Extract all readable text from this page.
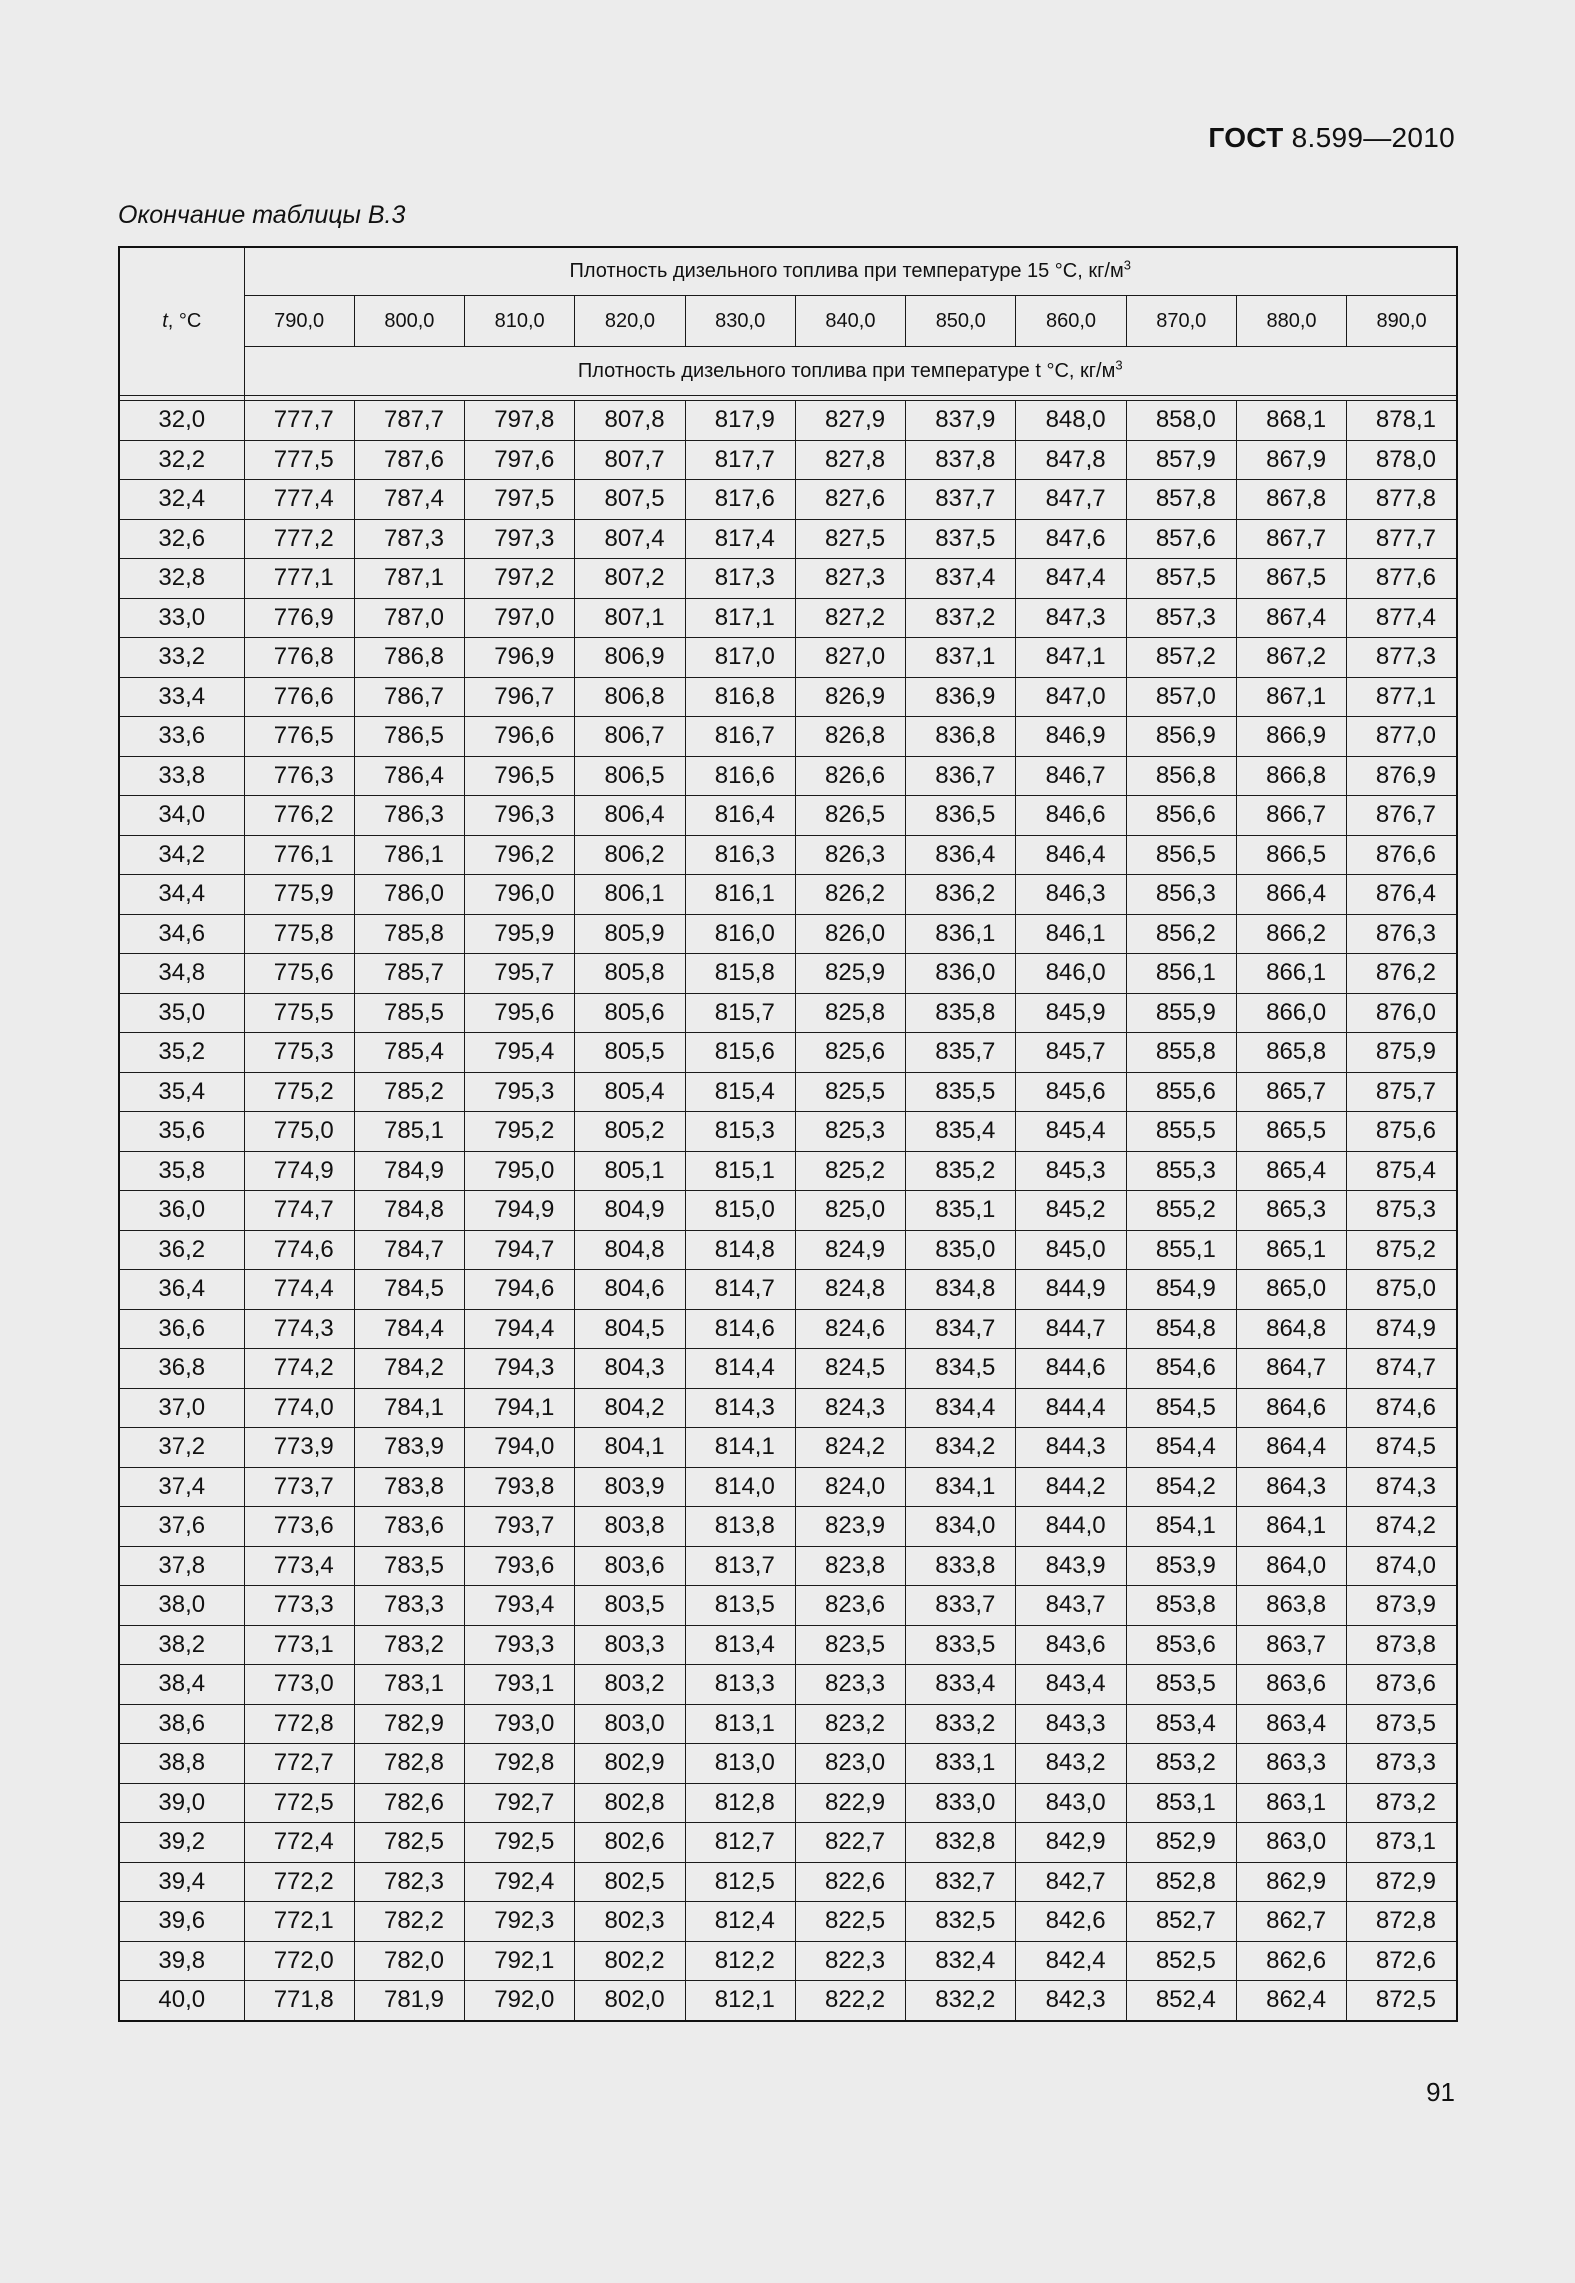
ГОСТ 8.599—2010
Окончание таблицы В.3
t, °C	Плотность дизельного топлива при температуре 15 °C, $кг/м^3$
	790,0	800,0	810,0	820,0	830,0	840,0	850,0	860,0	870,0	880,0	890,0
	Плотность дизельного топлива при температуре t °C, $кг/м^3$

32,0	777,7	787,7	797,8	807,8	817,9	827,9	837,9	848,0	858,0	868,1	878,1
32,2	777,5	787,6	797,6	807,7	817,7	827,8	837,8	847,8	857,9	867,9	878,0
32,4	777,4	787,4	797,5	807,5	817,6	827,6	837,7	847,7	857,8	867,8	877,8
32,6	777,2	787,3	797,3	807,4	817,4	827,5	837,5	847,6	857,6	867,7	877,7
32,8	777,1	787,1	797,2	807,2	817,3	827,3	837,4	847,4	857,5	867,5	877,6
33,0	776,9	787,0	797,0	807,1	817,1	827,2	837,2	847,3	857,3	867,4	877,4
33,2	776,8	786,8	796,9	806,9	817,0	827,0	837,1	847,1	857,2	867,2	877,3
33,4	776,6	786,7	796,7	806,8	816,8	826,9	836,9	847,0	857,0	867,1	877,1
33,6	776,5	786,5	796,6	806,7	816,7	826,8	836,8	846,9	856,9	866,9	877,0
33,8	776,3	786,4	796,5	806,5	816,6	826,6	836,7	846,7	856,8	866,8	876,9
34,0	776,2	786,3	796,3	806,4	816,4	826,5	836,5	846,6	856,6	866,7	876,7
34,2	776,1	786,1	796,2	806,2	816,3	826,3	836,4	846,4	856,5	866,5	876,6
34,4	775,9	786,0	796,0	806,1	816,1	826,2	836,2	846,3	856,3	866,4	876,4
34,6	775,8	785,8	795,9	805,9	816,0	826,0	836,1	846,1	856,2	866,2	876,3
34,8	775,6	785,7	795,7	805,8	815,8	825,9	836,0	846,0	856,1	866,1	876,2
35,0	775,5	785,5	795,6	805,6	815,7	825,8	835,8	845,9	855,9	866,0	876,0
35,2	775,3	785,4	795,4	805,5	815,6	825,6	835,7	845,7	855,8	865,8	875,9
35,4	775,2	785,2	795,3	805,4	815,4	825,5	835,5	845,6	855,6	865,7	875,7
35,6	775,0	785,1	795,2	805,2	815,3	825,3	835,4	845,4	855,5	865,5	875,6
35,8	774,9	784,9	795,0	805,1	815,1	825,2	835,2	845,3	855,3	865,4	875,4
36,0	774,7	784,8	794,9	804,9	815,0	825,0	835,1	845,2	855,2	865,3	875,3
36,2	774,6	784,7	794,7	804,8	814,8	824,9	835,0	845,0	855,1	865,1	875,2
36,4	774,4	784,5	794,6	804,6	814,7	824,8	834,8	844,9	854,9	865,0	875,0
36,6	774,3	784,4	794,4	804,5	814,6	824,6	834,7	844,7	854,8	864,8	874,9
36,8	774,2	784,2	794,3	804,3	814,4	824,5	834,5	844,6	854,6	864,7	874,7
37,0	774,0	784,1	794,1	804,2	814,3	824,3	834,4	844,4	854,5	864,6	874,6
37,2	773,9	783,9	794,0	804,1	814,1	824,2	834,2	844,3	854,4	864,4	874,5
37,4	773,7	783,8	793,8	803,9	814,0	824,0	834,1	844,2	854,2	864,3	874,3
37,6	773,6	783,6	793,7	803,8	813,8	823,9	834,0	844,0	854,1	864,1	874,2
37,8	773,4	783,5	793,6	803,6	813,7	823,8	833,8	843,9	853,9	864,0	874,0
38,0	773,3	783,3	793,4	803,5	813,5	823,6	833,7	843,7	853,8	863,8	873,9
38,2	773,1	783,2	793,3	803,3	813,4	823,5	833,5	843,6	853,6	863,7	873,8
38,4	773,0	783,1	793,1	803,2	813,3	823,3	833,4	843,4	853,5	863,6	873,6
38,6	772,8	782,9	793,0	803,0	813,1	823,2	833,2	843,3	853,4	863,4	873,5
38,8	772,7	782,8	792,8	802,9	813,0	823,0	833,1	843,2	853,2	863,3	873,3
39,0	772,5	782,6	792,7	802,8	812,8	822,9	833,0	843,0	853,1	863,1	873,2
39,2	772,4	782,5	792,5	802,6	812,7	822,7	832,8	842,9	852,9	863,0	873,1
39,4	772,2	782,3	792,4	802,5	812,5	822,6	832,7	842,7	852,8	862,9	872,9
39,6	772,1	782,2	792,3	802,3	812,4	822,5	832,5	842,6	852,7	862,7	872,8
39,8	772,0	782,0	792,1	802,2	812,2	822,3	832,4	842,4	852,5	862,6	872,6
40,0	771,8	781,9	792,0	802,0	812,1	822,2	832,2	842,3	852,4	862,4	872,5
91
